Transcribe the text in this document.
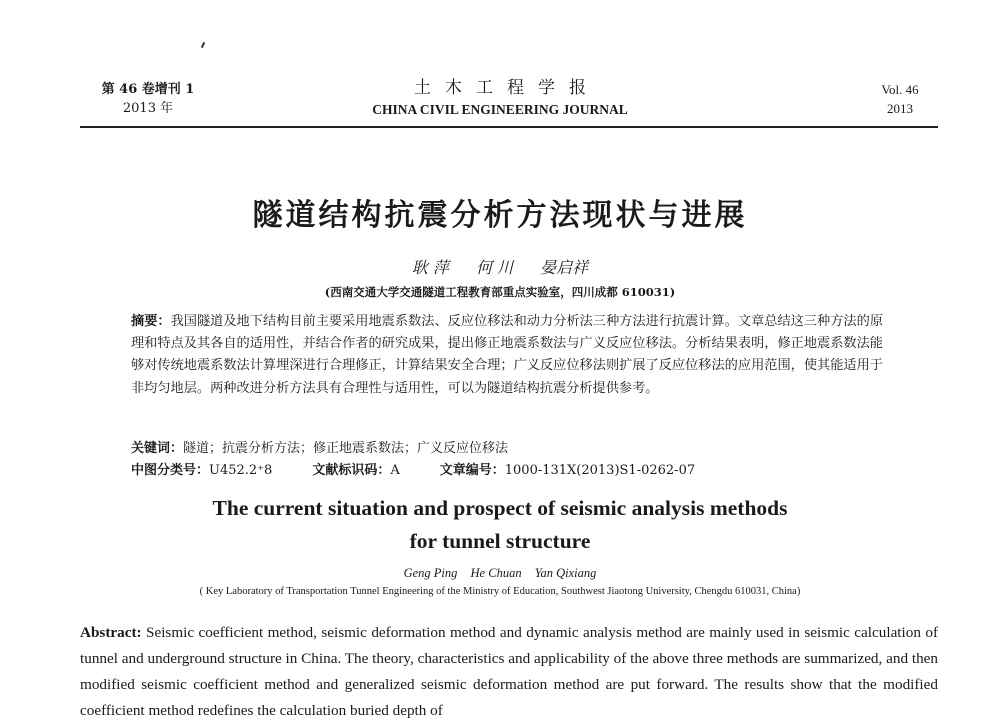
第 46 卷增刊 1
2013 年
土木工程学报
CHINA CIVIL ENGINEERING JOURNAL
Vol. 46
2013
隧道结构抗震分析方法现状与进展
耿 萍 何 川 晏启祥
(西南交通大学交通隧道工程教育部重点实验室，四川成都 610031)
摘要：我国隧道及地下结构目前主要采用地震系数法、反应位移法和动力分析法三种方法进行抗震计算。文章总结这三种方法的原理和特点及其各自的适用性，并结合作者的研究成果，提出修正地震系数法与广义反应位移法。分析结果表明，修正地震系数法能够对传统地震系数法计算埋深进行合理修正，计算结果安全合理；广义反应位移法则扩展了反应位移法的应用范围，使其能适用于非均匀地层。两种改进分析方法具有合理性与适用性，可以为隧道结构抗震分析提供参考。
关键词：隧道；抗震分析方法；修正地震系数法；广义反应位移法
中图分类号：U452.2⁺8	文献标识码：A	文章编号：1000-131X(2013)S1-0262-07
The current situation and prospect of seismic analysis methods
for tunnel structure
Geng Ping He Chuan Yan Qixiang
( Key Laboratory of Transportation Tunnel Engineering of the Ministry of Education, Southwest Jiaotong University, Chengdu 610031, China)
Abstract: Seismic coefficient method, seismic deformation method and dynamic analysis method are mainly used in seismic calculation of tunnel and underground structure in China. The theory, characteristics and applicability of the above three methods are summarized, and then modified seismic coefficient method and generalized seismic deformation method are put forward. The results show that the modified coefficient method redefines the calculation buried depth of
